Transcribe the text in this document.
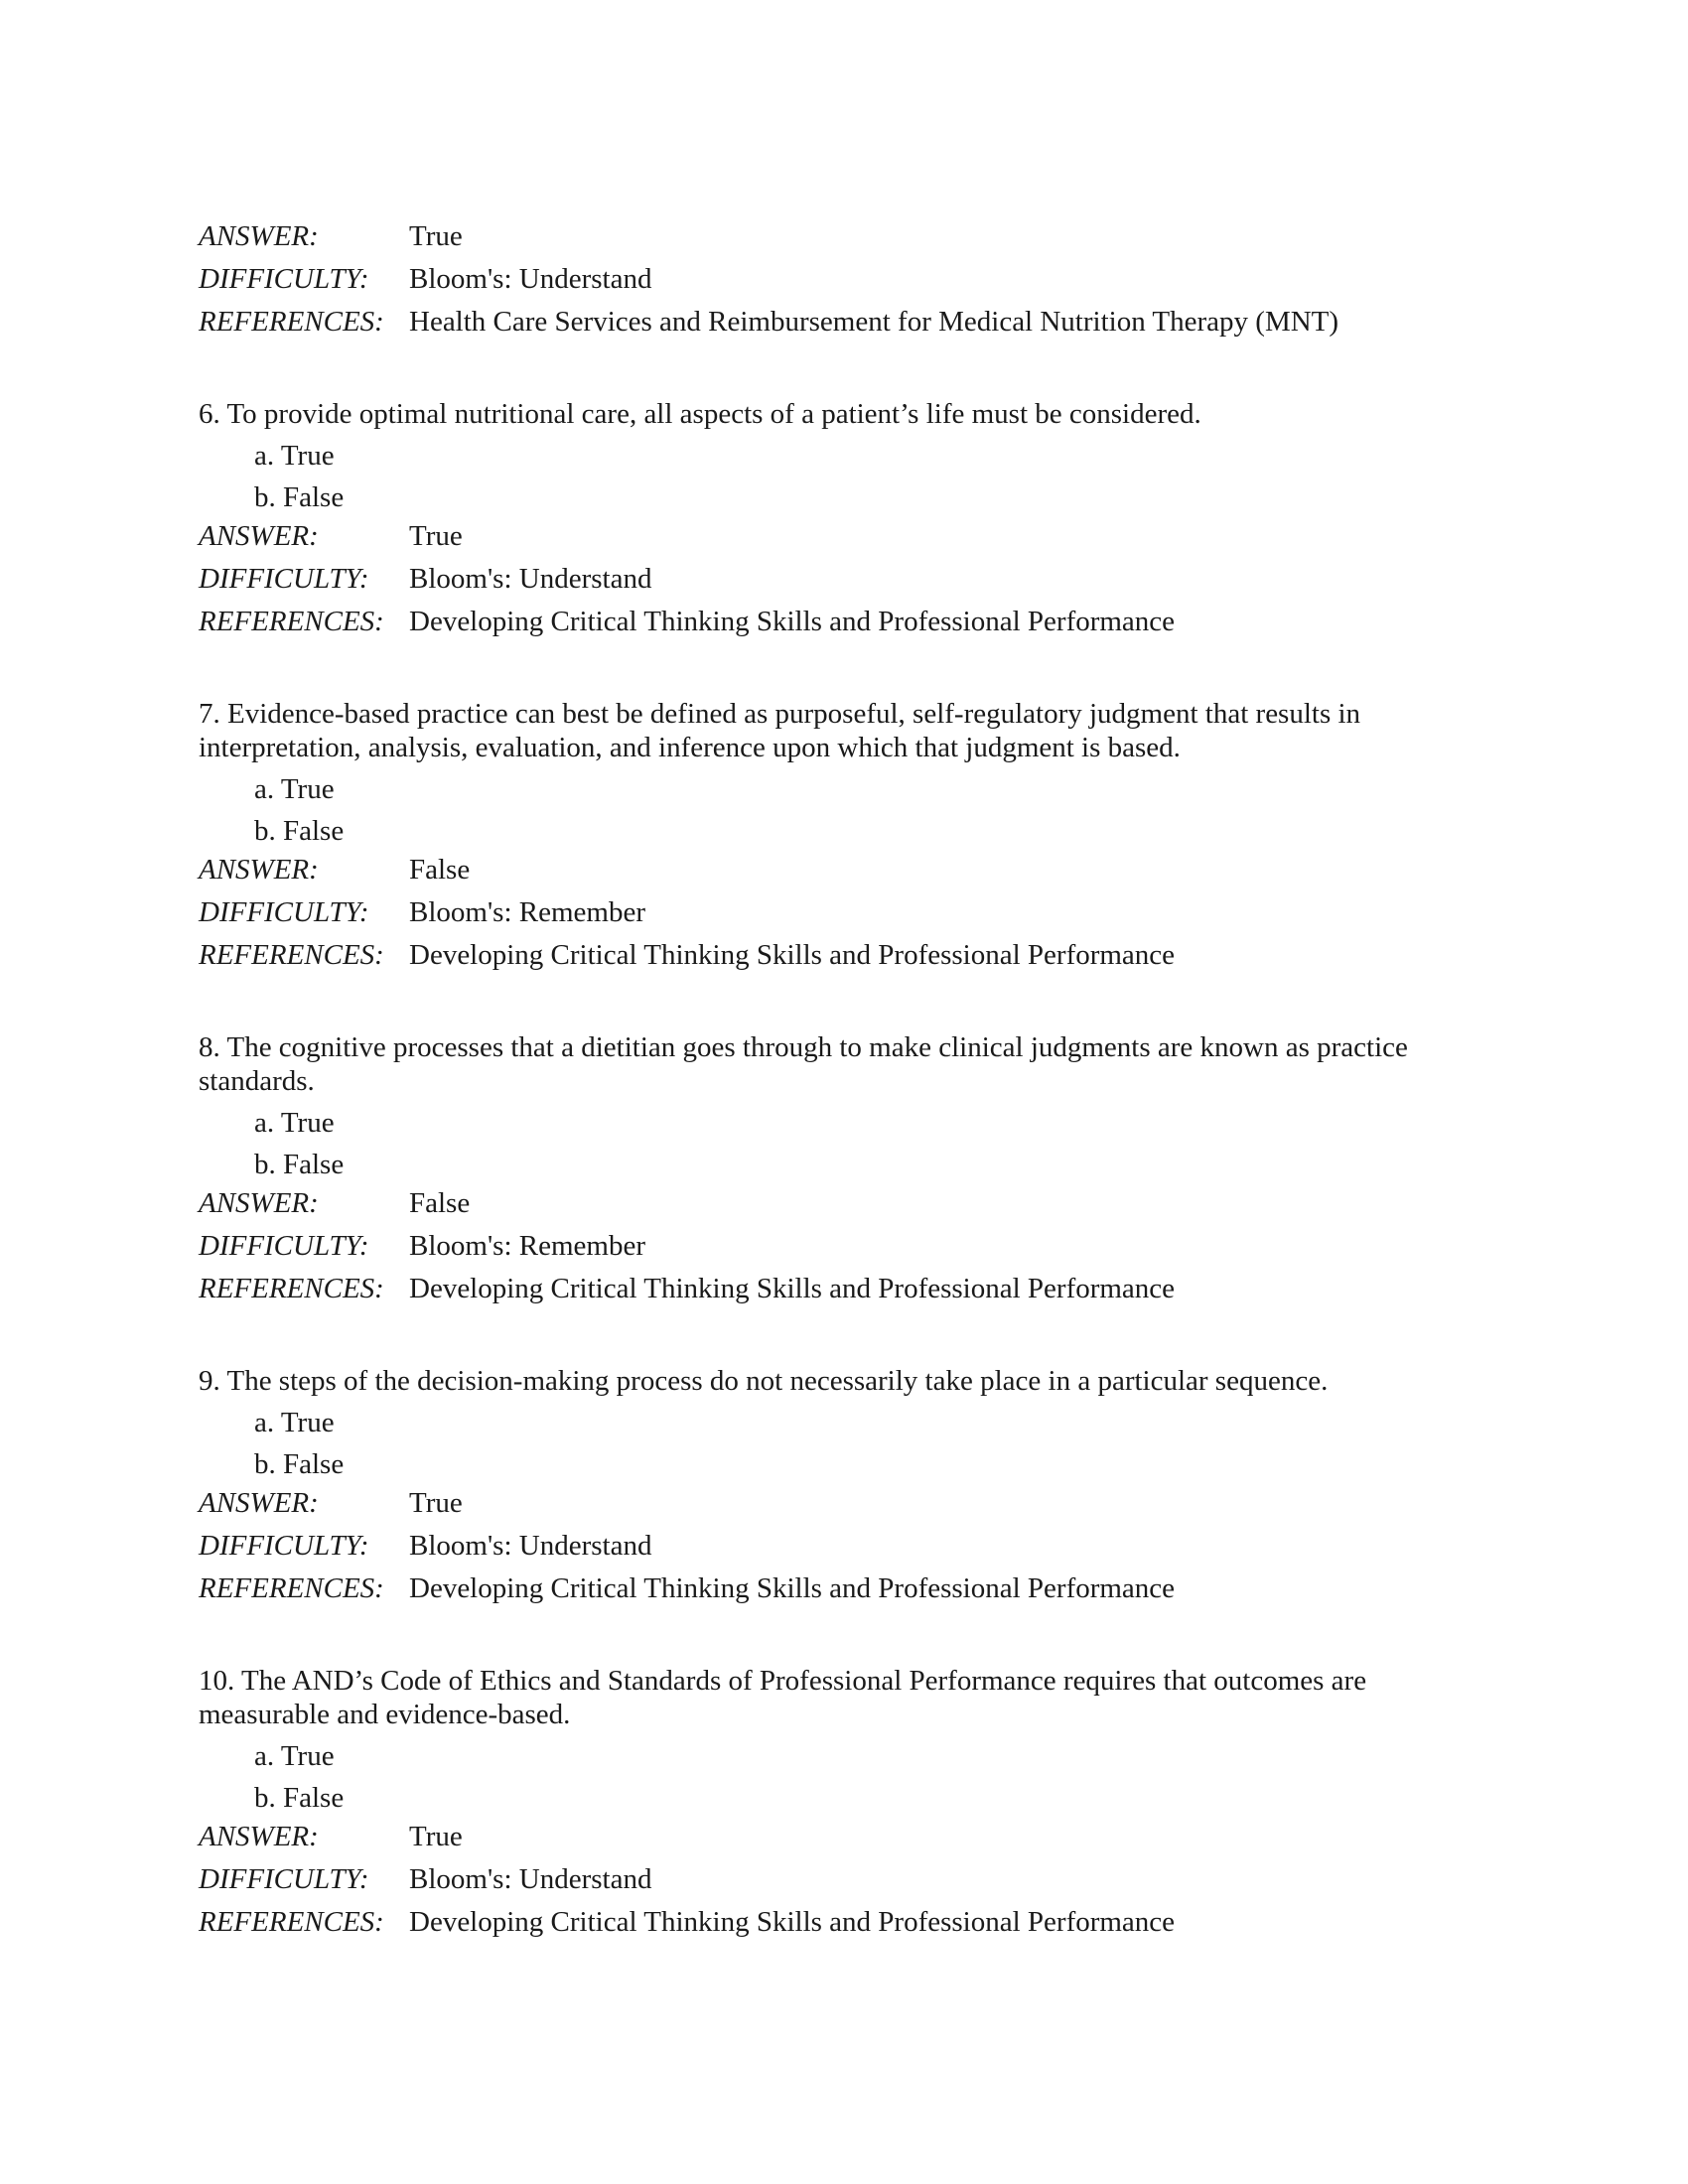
ANSWER:	True
DIFFICULTY:	Bloom's: Understand
REFERENCES: Health Care Services and Reimbursement for Medical Nutrition Therapy (MNT)
6. To provide optimal nutritional care, all aspects of a patient’s life must be considered.
a. True
b. False
ANSWER:	True
DIFFICULTY:	Bloom's: Understand
REFERENCES: Developing Critical Thinking Skills and Professional Performance
7. Evidence-based practice can best be defined as purposeful, self-regulatory judgment that results in
interpretation, analysis, evaluation, and inference upon which that judgment is based.
a. True
b. False
ANSWER:	False
DIFFICULTY:	Bloom's: Remember
REFERENCES: Developing Critical Thinking Skills and Professional Performance
8. The cognitive processes that a dietitian goes through to make clinical judgments are known as practice
standards.
a. True
b. False
ANSWER:	False
DIFFICULTY:	Bloom's: Remember
REFERENCES: Developing Critical Thinking Skills and Professional Performance
9. The steps of the decision-making process do not necessarily take place in a particular sequence.
a. True
b. False
ANSWER:	True
DIFFICULTY:	Bloom's: Understand
REFERENCES: Developing Critical Thinking Skills and Professional Performance
10. The AND’s Code of Ethics and Standards of Professional Performance requires that outcomes are
measurable and evidence-based.
a. True
b. False
ANSWER:	True
DIFFICULTY:	Bloom's: Understand
REFERENCES: Developing Critical Thinking Skills and Professional Performance
